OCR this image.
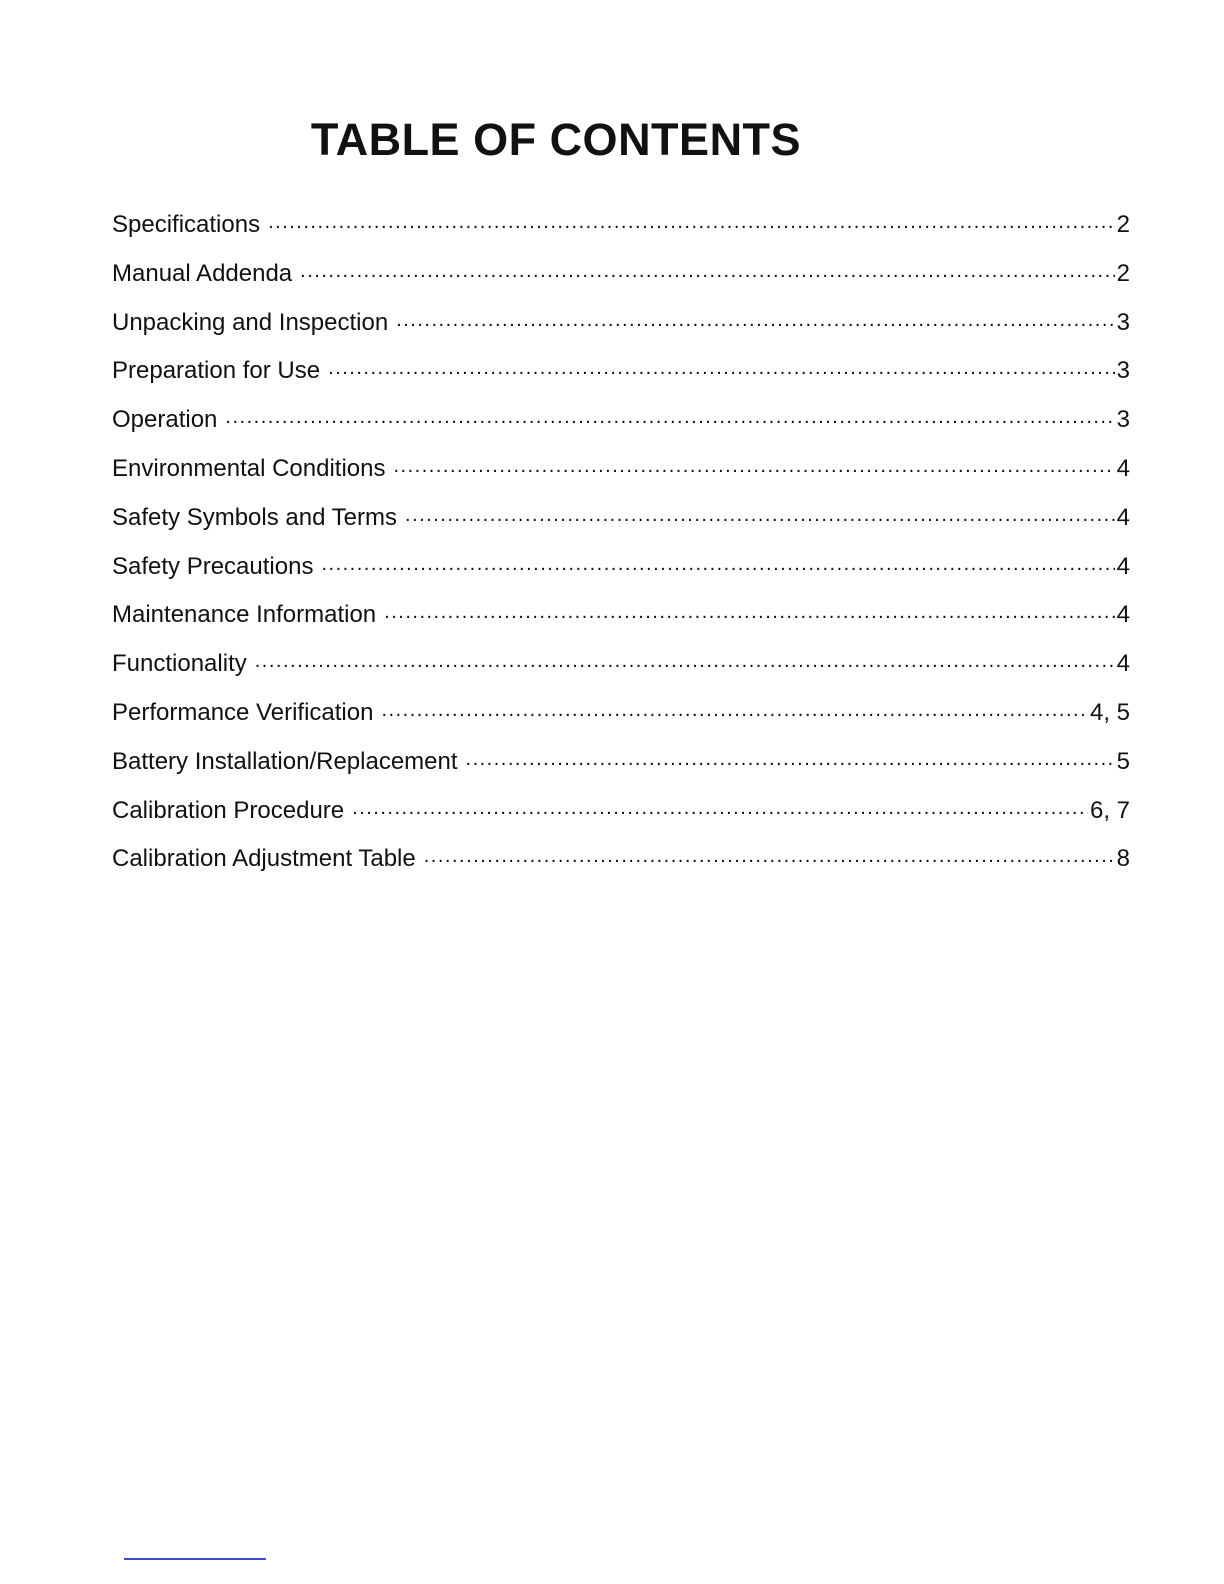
TABLE OF CONTENTS
Specifications .....	2
Manual Addenda .....	2
Unpacking and Inspection .....	3
Preparation for Use .....	3
Operation .....	3
Environmental Conditions .....	4
Safety Symbols and Terms .....	4
Safety Precautions .....	4
Maintenance Information .....	4
Functionality .....	4
Performance Verification .....	4, 5
Battery Installation/Replacement .....	5
Calibration Procedure .....	6, 7
Calibration Adjustment Table .....	8
